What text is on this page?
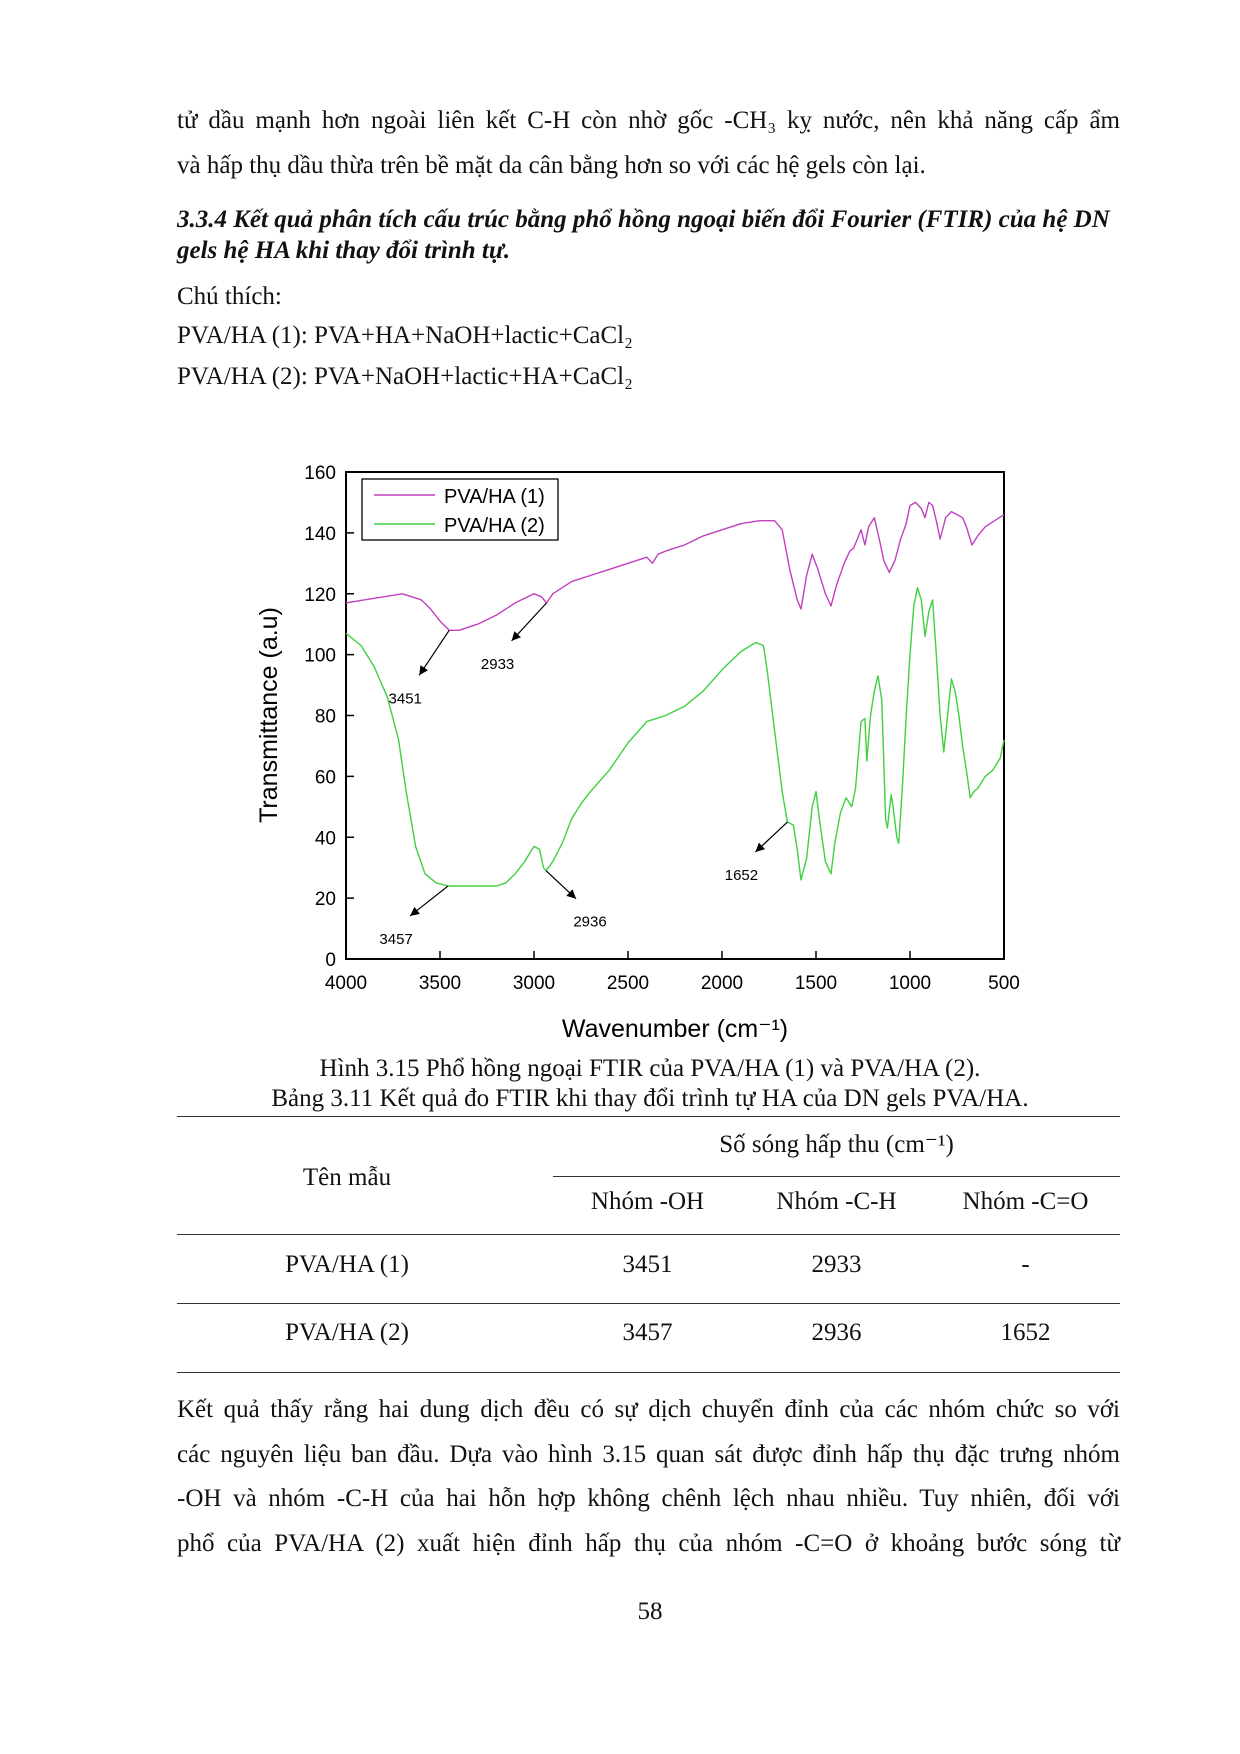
tử dầu mạnh hơn ngoài liên kết C-H còn nhờ gốc -CH₃ kỵ nước, nên khả năng cấp ẩm
và hấp thụ dầu thừa trên bề mặt da cân bằng hơn so với các hệ gels còn lại.
3.3.4 Kết quả phân tích cấu trúc bằng phổ hồng ngoại biến đổi Fourier (FTIR) của hệ DN gels hệ HA khi thay đổi trình tự.
Chú thích:
PVA/HA (1): PVA+HA+NaOH+lactic+CaCl₂
PVA/HA (2): PVA+NaOH+lactic+HA+CaCl₂
4000	3500	3000	2500	2000	1500	1000	500
0
20
40
60
80
100
120
140
160
3451
2933
3457
2936
1652
Transmittance (a.u)
Wavenumber (cm⁻¹)
PVA/HA (1)
PVA/HA (2)
Hình 3.15 Phổ hồng ngoại FTIR của PVA/HA (1) và PVA/HA (2).
Bảng 3.11 Kết quả đo FTIR khi thay đổi trình tự HA của DN gels PVA/HA.
Tên mẫu
Số sóng hấp thu (cm⁻¹)
Nhóm -OH	Nhóm -C-H	Nhóm -C=O
PVA/HA (1)	3451	2933	-
PVA/HA (2)	3457	2936	1652
Kết quả thấy rằng hai dung dịch đều có sự dịch chuyển đỉnh của các nhóm chức so với
các nguyên liệu ban đầu. Dựa vào hình 3.15 quan sát được đỉnh hấp thụ đặc trưng nhóm
-OH và nhóm -C-H của hai hỗn hợp không chênh lệch nhau nhiều. Tuy nhiên, đối với
phổ của PVA/HA (2) xuất hiện đỉnh hấp thụ của nhóm -C=O ở khoảng bước sóng từ
58
